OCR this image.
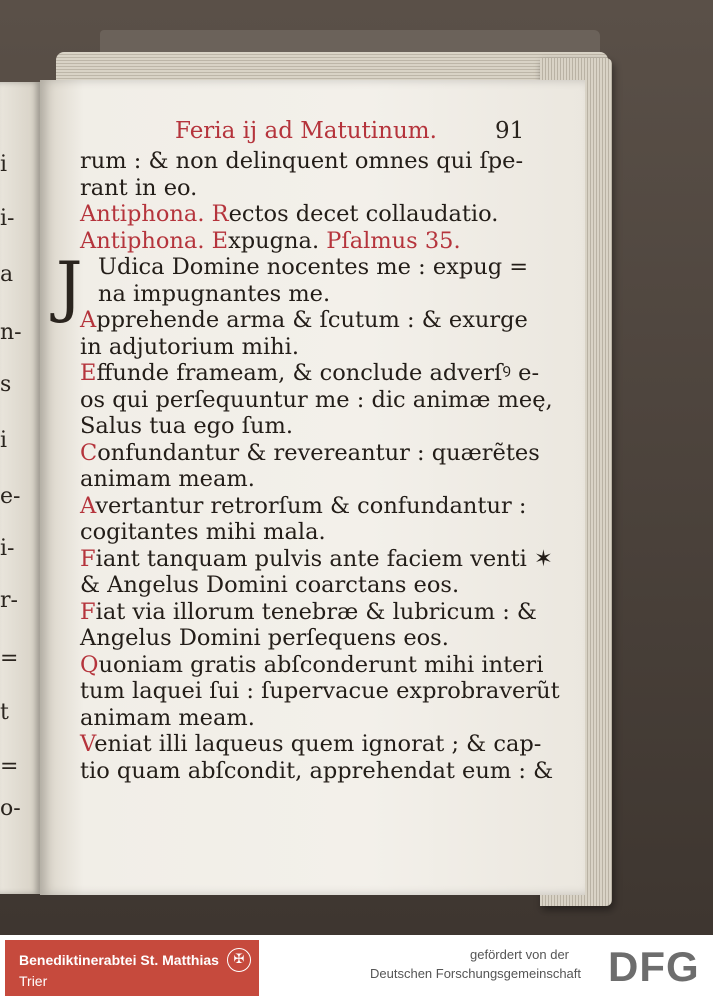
i
i-
a
n-
s
i
e-
i-
r-
=
t
=
o-
Feria ij ad Matutinum.	91
J
rum : & non delinquent omnes qui ſpe-
rant in eo.
Antiphona. Rectos decet collaudatio.
Antiphona. Expugna. Pſalmus 35.
Udica Domine nocentes me : expug =
na impugnantes me.
Apprehende arma & ſcutum : & exurge
in adjutorium mihi.
Effunde frameam, & conclude adverſꝰ e-
os qui perſequuntur me : dic animæ meę,
Salus tua ego ſum.
Confundantur & revereantur : quærẽtes
animam meam.
Avertantur retrorſum & confundantur :
cogitantes mihi mala.
Fiant tanquam pulvis ante faciem venti ✶
& Angelus Domini coarctans eos.
Fiat via illorum tenebræ & lubricum : &
Angelus Domini perſequens eos.
Quoniam gratis abſconderunt mihi interi
tum laquei ſui : ſupervacue exprobraverũt
animam meam.
Veniat illi laqueus quem ignorat ; & cap-
tio quam abſcondit, apprehendat eum : &
Benediktinerabtei St. Matthias
Trier
✠	gefördert von der
Deutschen Forschungsgemeinschaft DFG
